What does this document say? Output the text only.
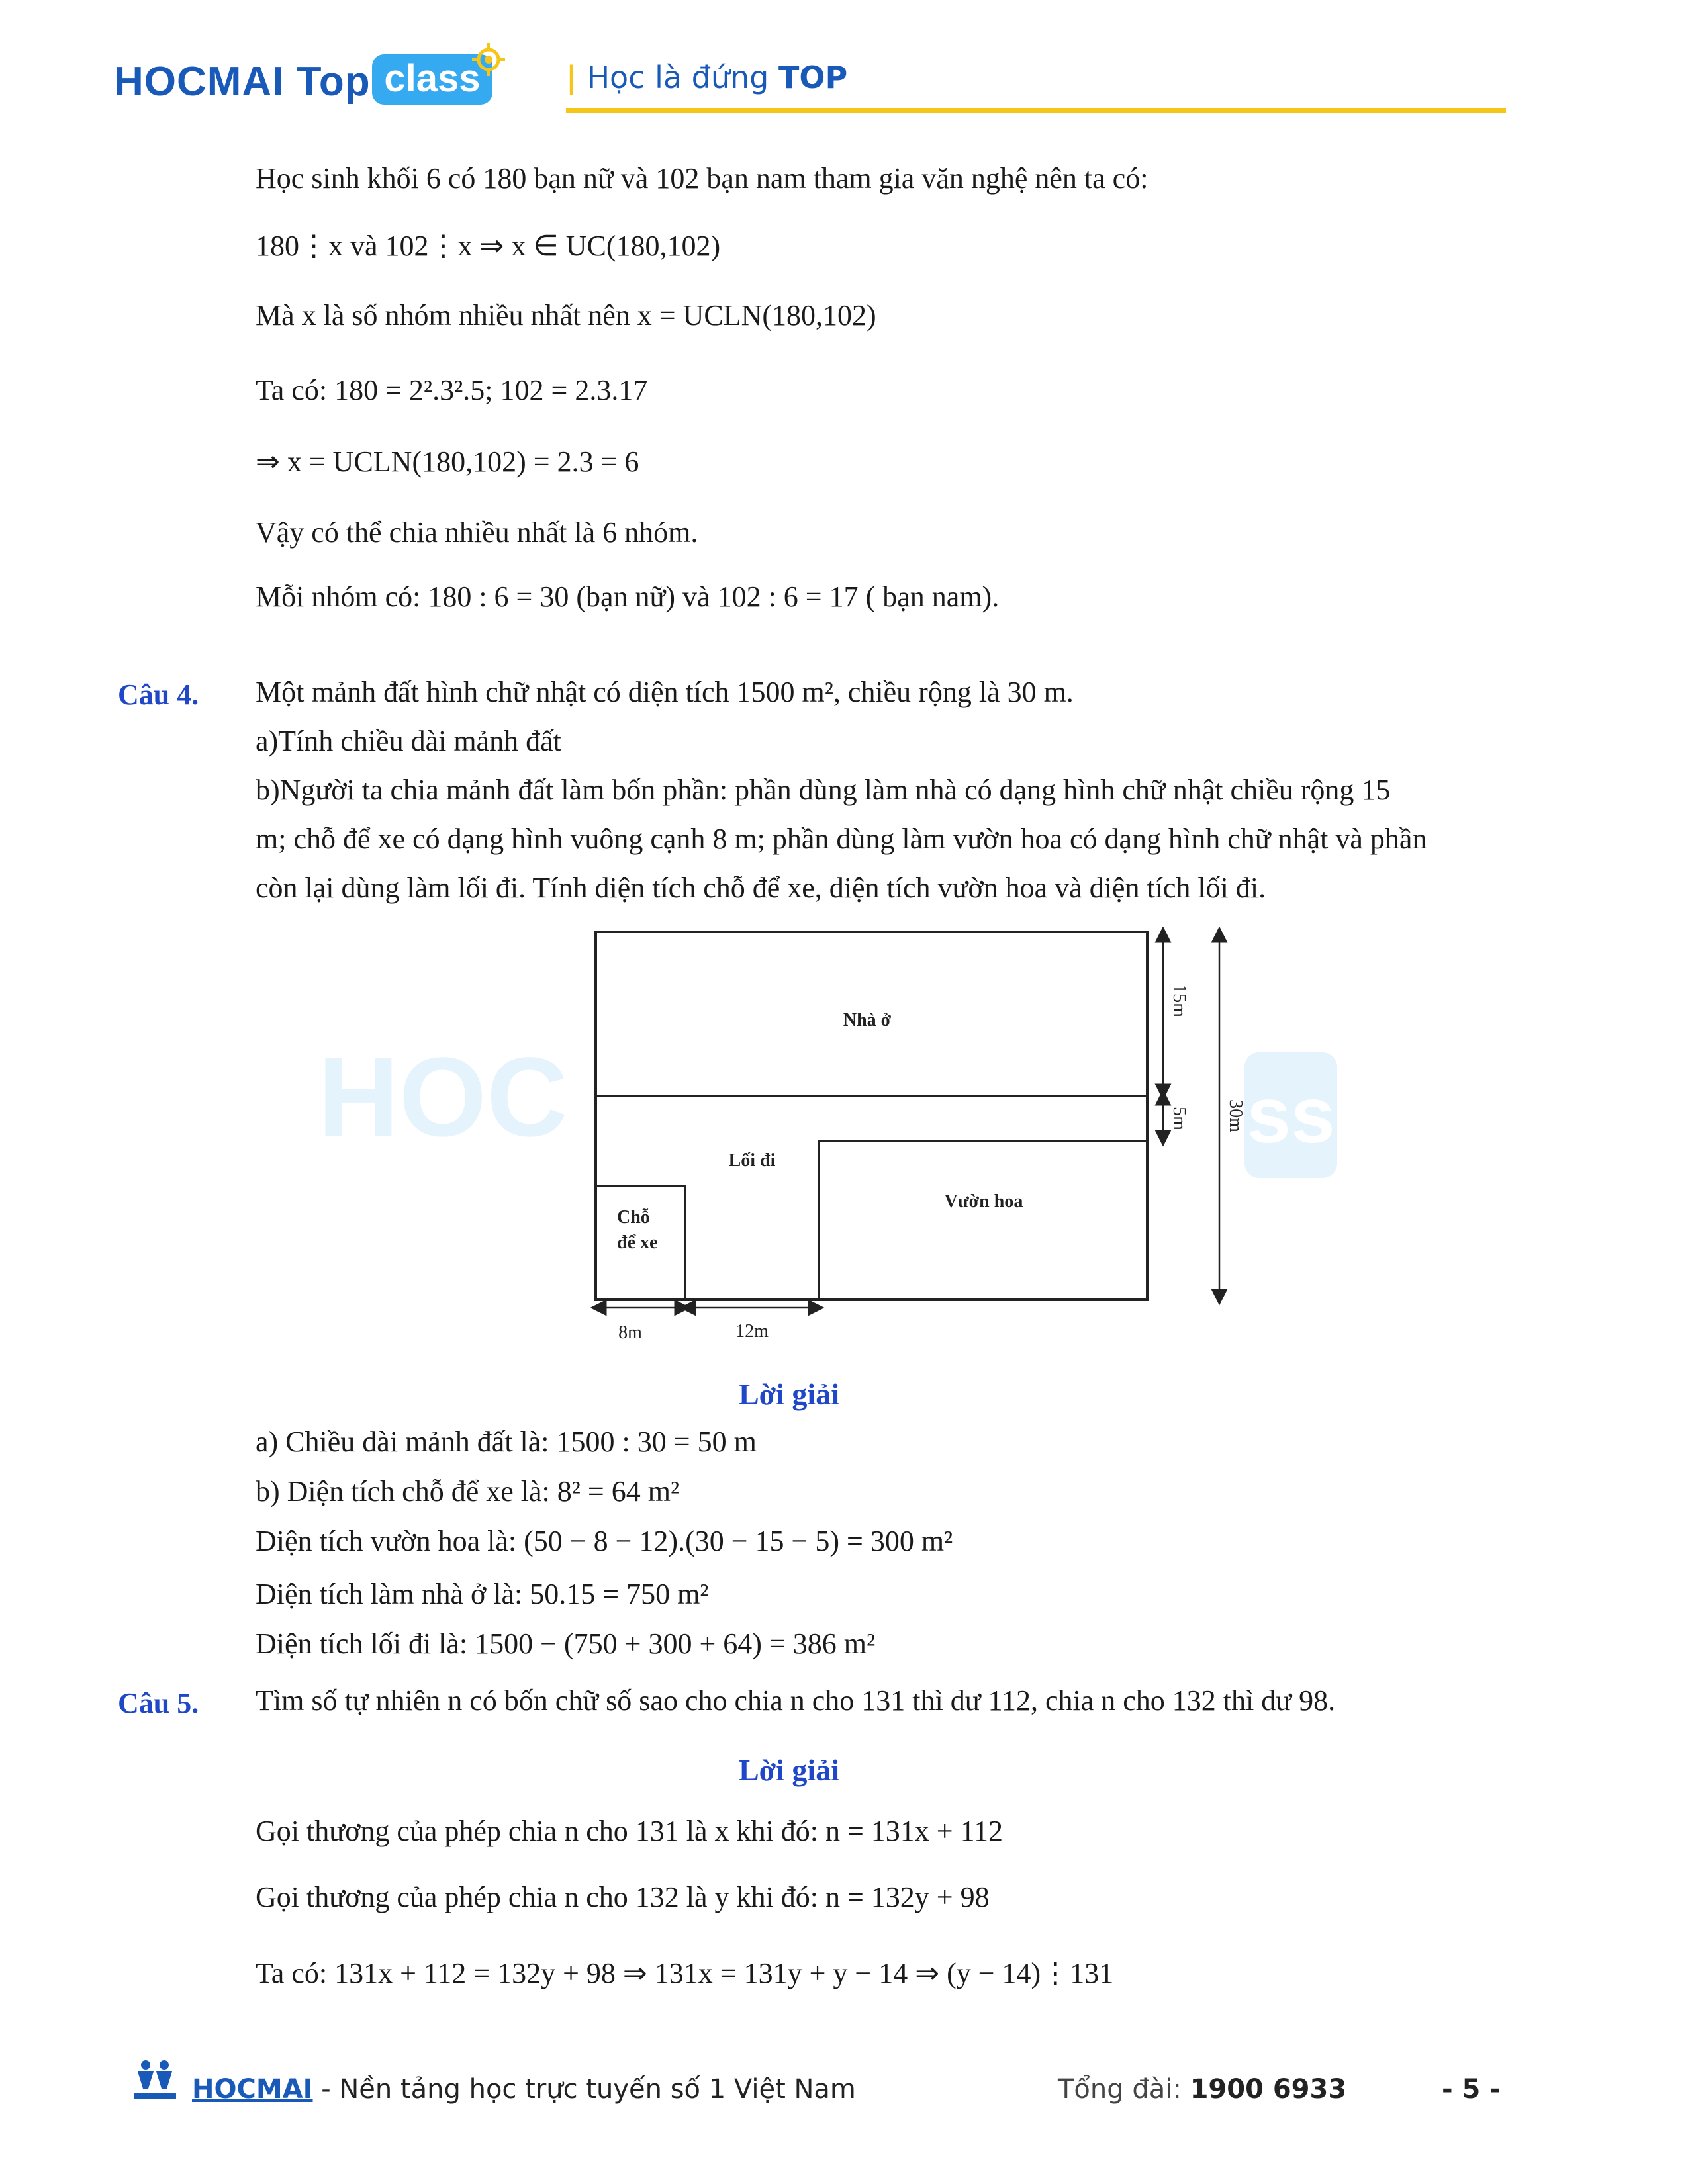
HOC	ss
HOCMAI Top class	| Học là đứng TOP
Học sinh khối 6 có 180 bạn nữ và 102 bạn nam tham gia văn nghệ nên ta có:
180⋮x và 102⋮x ⇒ x ∈ UC(180,102)
Mà x là số nhóm nhiều nhất nên x = UCLN(180,102)
Ta có: 180 = 2².3².5; 102 = 2.3.17
⇒ x = UCLN(180,102) = 2.3 = 6
Vậy có thể chia nhiều nhất là 6 nhóm.
Mỗi nhóm có: 180 : 6 = 30 (bạn nữ) và 102 : 6 = 17 ( bạn nam).
Câu 4. Một mảnh đất hình chữ nhật có diện tích 1500 m², chiều rộng là 30 m.
a)Tính chiều dài mảnh đất
b)Người ta chia mảnh đất làm bốn phần: phần dùng làm nhà có dạng hình chữ nhật chiều rộng 15
m; chỗ để xe có dạng hình vuông cạnh 8 m; phần dùng làm vườn hoa có dạng hình chữ nhật và phần
còn lại dùng làm lối đi. Tính diện tích chỗ để xe, diện tích vườn hoa và diện tích lối đi.
Nhà ở
Lối đi
Vườn hoa
Chỗ
để xe
15m
5m 30m
8m	12m
Lời giải
a) Chiều dài mảnh đất là: 1500 : 30 = 50 m
b) Diện tích chỗ để xe là: 8² = 64 m²
Diện tích vườn hoa là: (50 − 8 − 12).(30 − 15 − 5) = 300 m²
Diện tích làm nhà ở là: 50.15 = 750 m²
Diện tích lối đi là: 1500 − (750 + 300 + 64) = 386 m²
Câu 5. Tìm số tự nhiên n có bốn chữ số sao cho chia n cho 131 thì dư 112, chia n cho 132 thì dư 98.
Lời giải
Gọi thương của phép chia n cho 131 là x khi đó: n = 131x + 112
Gọi thương của phép chia n cho 132 là y khi đó: n = 132y + 98
Ta có: 131x + 112 = 132y + 98 ⇒ 131x = 131y + y − 14 ⇒ (y − 14)⋮131
HOCMAI - Nền tảng học trực tuyến số 1 Việt Nam	Tổng đài: 1900 6933	- 5 -
